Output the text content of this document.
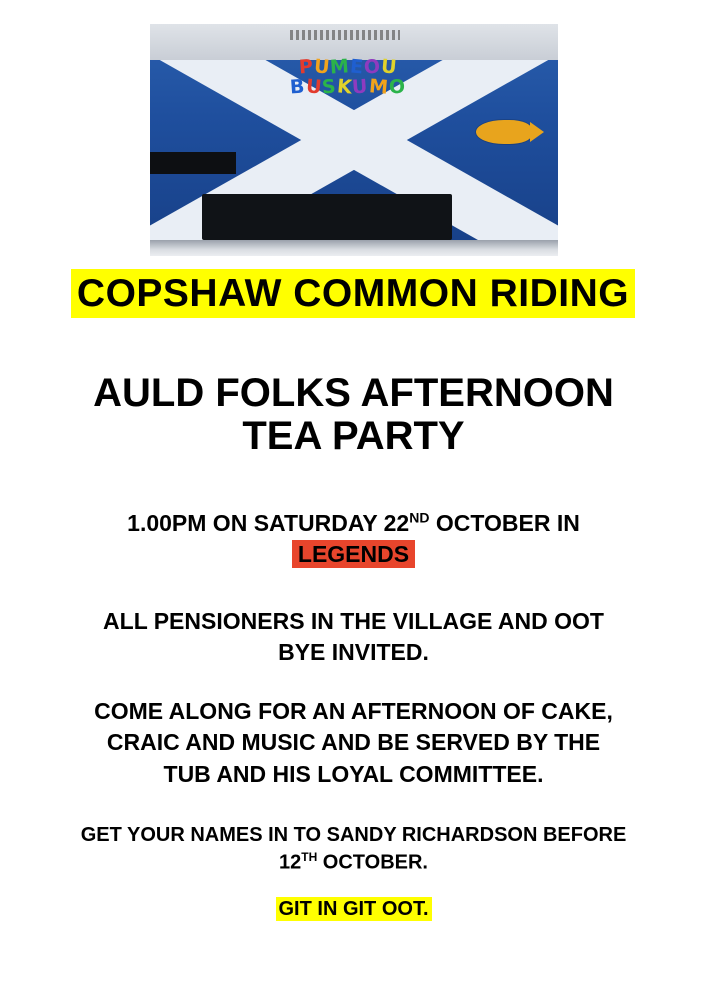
PUMEOU
BUSKUMO
COPSHAW COMMON RIDING
AULD FOLKS AFTERNOON
TEA PARTY
1.00PM ON SATURDAY 22ND OCTOBER IN
LEGENDS
ALL PENSIONERS IN THE VILLAGE AND OOT
BYE INVITED.
COME ALONG FOR AN AFTERNOON OF CAKE,
CRAIC AND MUSIC AND BE SERVED BY THE
TUB AND HIS LOYAL COMMITTEE.
GET YOUR NAMES IN TO SANDY RICHARDSON BEFORE
12TH OCTOBER.
GIT IN GIT OOT.
